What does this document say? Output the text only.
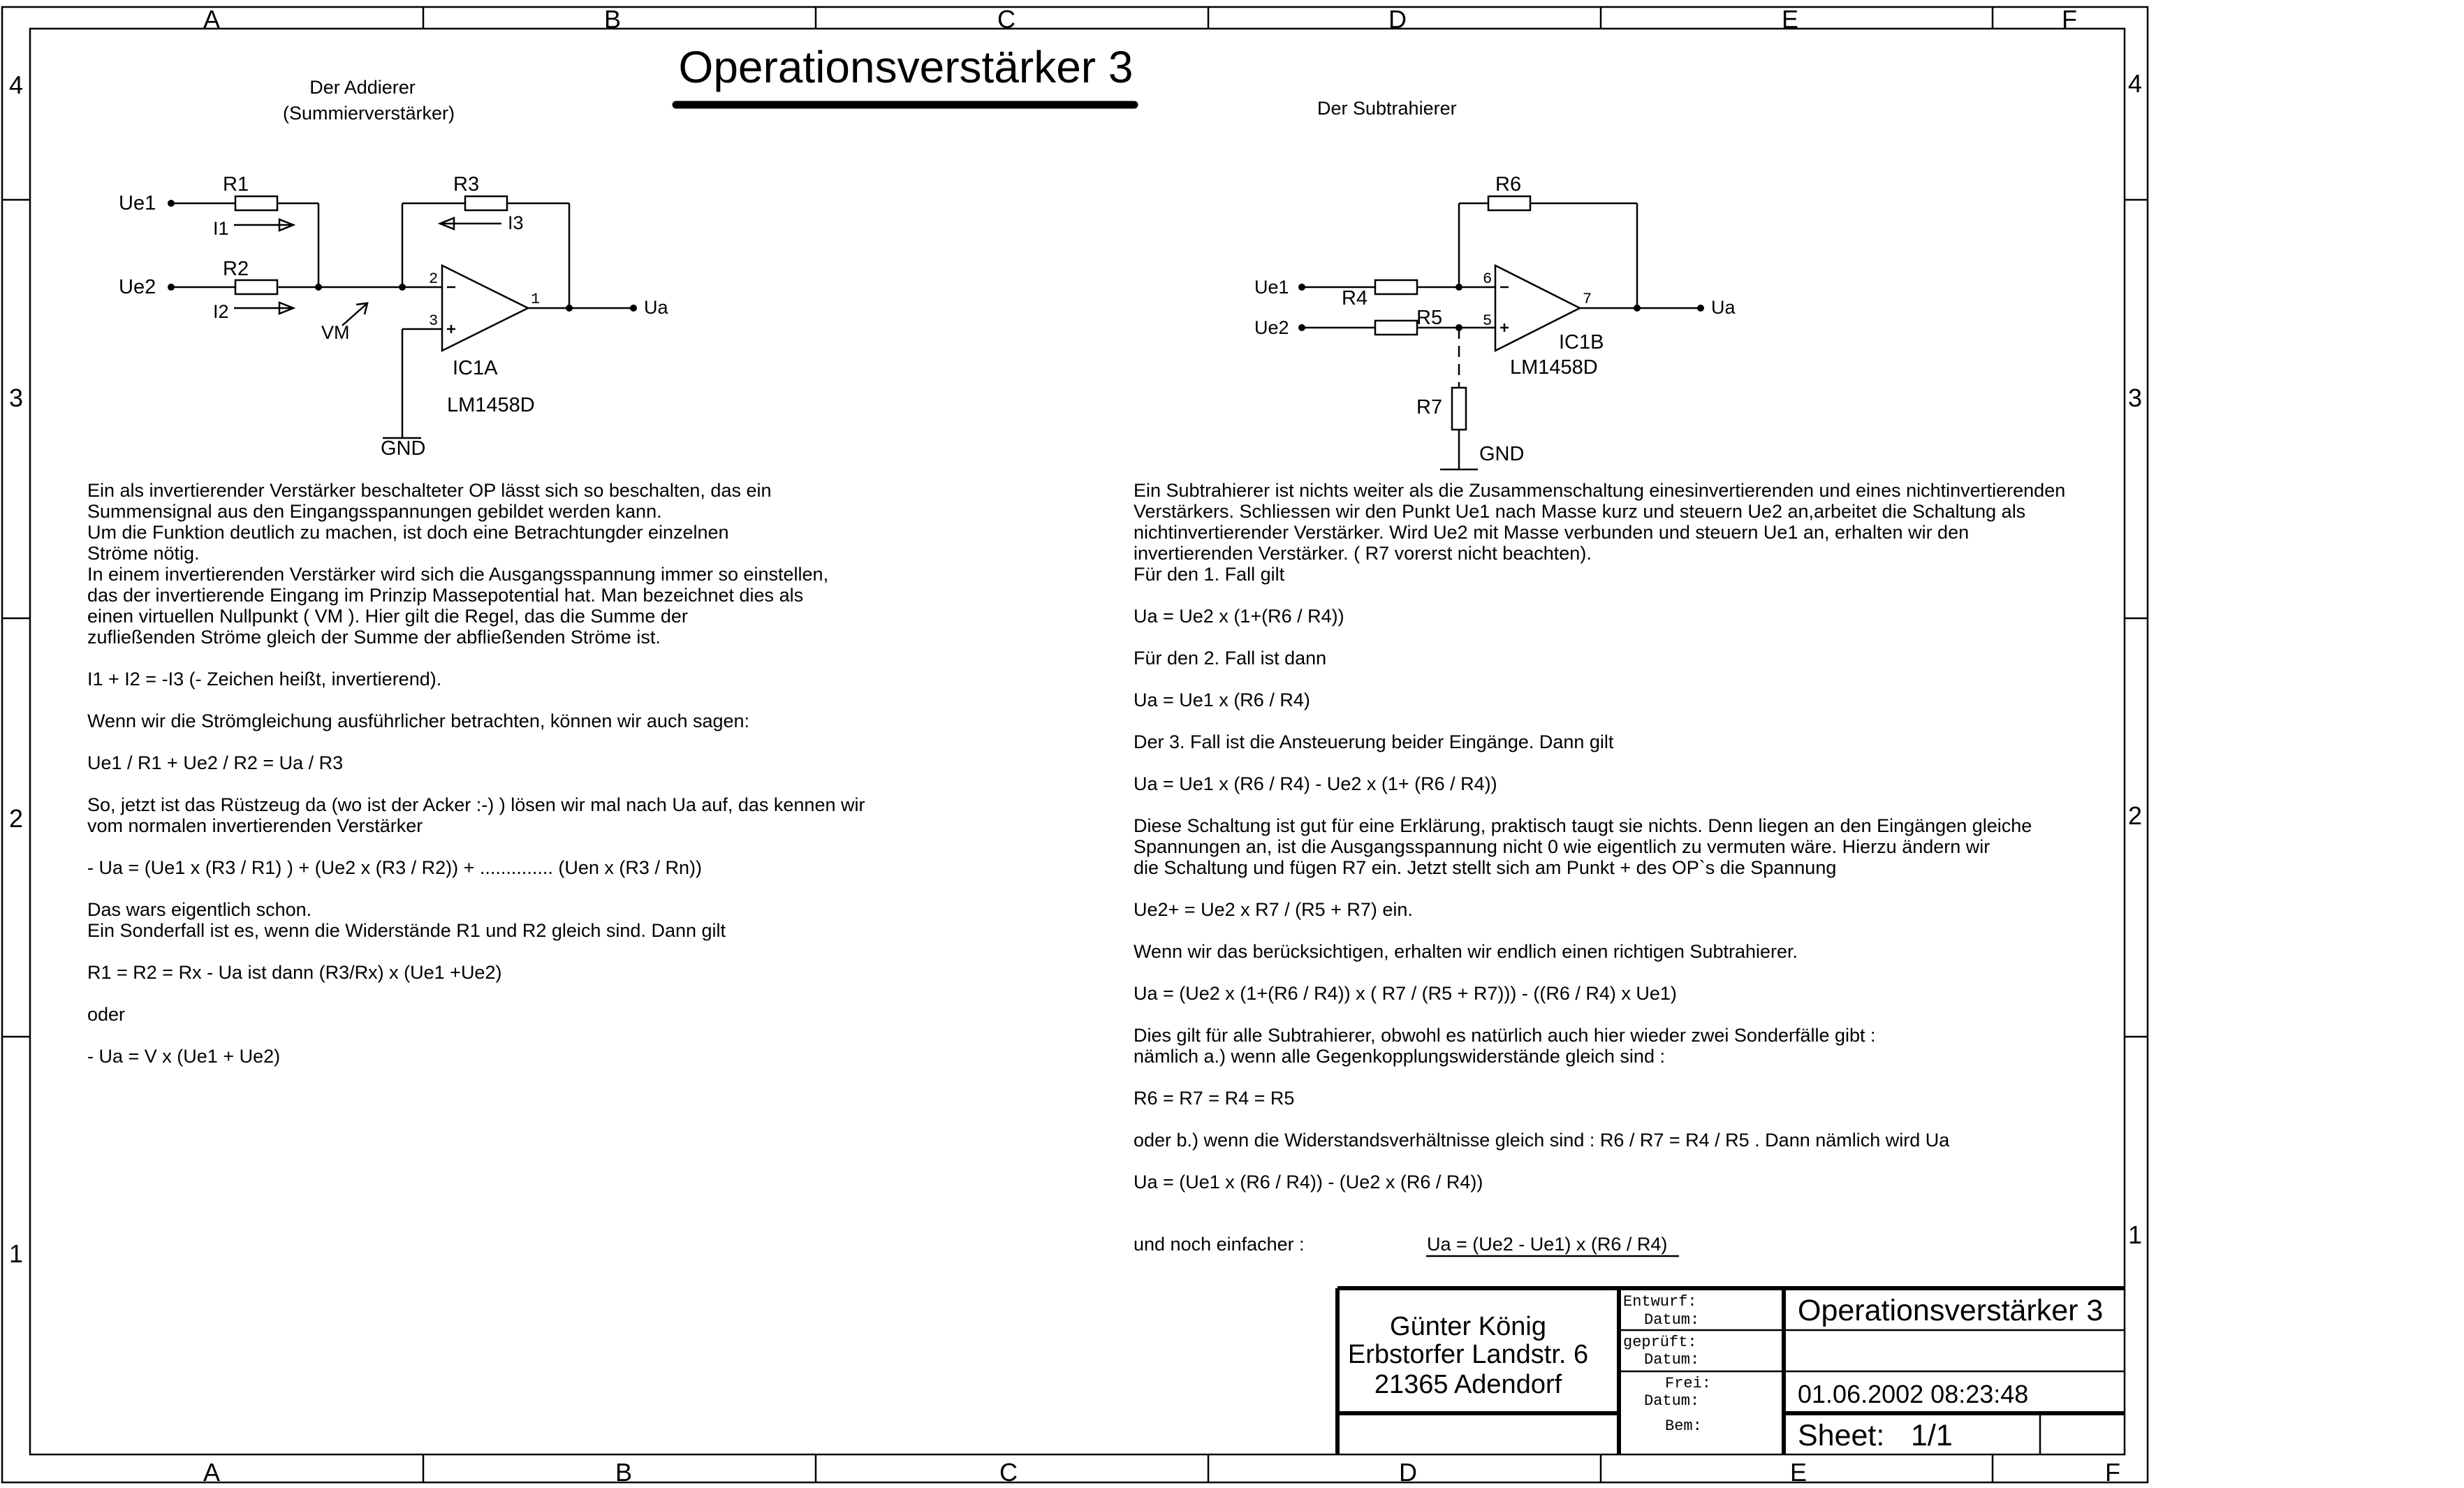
A	B	C	D	E	F
A	B	C	D	E	F
4
3
2
1
4
3
2
1
Operationsverstärker 3
Der Addierer
(Summierverstärker)
Ue1
Ue2
R1
R2
R3
I1
I2
I3
VM
2
3
1	Ua
IC1A
LM1458D
GND
Der Subtrahierer
Ue1
Ue2
R4
R5
R6
R7
6
5
7	Ua
IC1B
LM1458D
GND
Ein als invertierender Verstärker beschalteter OP lässt sich so beschalten, das ein
Summensignal aus den Eingangsspannungen gebildet werden kann.
Um die Funktion deutlich zu machen, ist doch eine Betrachtungder einzelnen
Ströme nötig.
In einem invertierenden Verstärker wird sich die Ausgangsspannung immer so einstellen,
das der invertierende Eingang im Prinzip Massepotential hat. Man bezeichnet dies als
einen virtuellen Nullpunkt ( VM ). Hier gilt die Regel, das die Summe der
zufließenden Ströme gleich der Summe der abfließenden Ströme ist.
I1 + I2 = -I3 (- Zeichen heißt, invertierend).
Wenn wir die Strömgleichung ausführlicher betrachten, können wir auch sagen:
Ue1 / R1 + Ue2 / R2 = Ua / R3
So, jetzt ist das Rüstzeug da (wo ist der Acker :-) ) lösen wir mal nach Ua auf, das kennen wir
vom normalen invertierenden Verstärker
- Ua = (Ue1 x (R3 / R1) ) + (Ue2 x (R3 / R2)) + .............. (Uen x (R3 / Rn))
Das wars eigentlich schon.
Ein Sonderfall ist es, wenn die Widerstände R1 und R2 gleich sind. Dann gilt
R1 = R2 = Rx - Ua ist dann (R3/Rx) x (Ue1 +Ue2)
oder
- Ua = V x (Ue1 + Ue2)
Ein Subtrahierer ist nichts weiter als die Zusammenschaltung einesinvertierenden und eines nichtinvertierenden
Verstärkers. Schliessen wir den Punkt Ue1 nach Masse kurz und steuern Ue2 an,arbeitet die Schaltung als
nichtinvertierender Verstärker. Wird Ue2 mit Masse verbunden und steuern Ue1 an, erhalten wir den
invertierenden Verstärker. ( R7 vorerst nicht beachten).
Für den 1. Fall gilt
Ua = Ue2 x (1+(R6 / R4))
Für den 2. Fall ist dann
Ua = Ue1 x (R6 / R4)
Der 3. Fall ist die Ansteuerung beider Eingänge. Dann gilt
Ua = Ue1 x (R6 / R4) - Ue2 x (1+ (R6 / R4))
Diese Schaltung ist gut für eine Erklärung, praktisch taugt sie nichts. Denn liegen an den Eingängen gleiche
Spannungen an, ist die Ausgangsspannung nicht 0 wie eigentlich zu vermuten wäre. Hierzu ändern wir
die Schaltung und fügen R7 ein. Jetzt stellt sich am Punkt + des OP`s die Spannung
Ue2+ = Ue2 x R7 / (R5 + R7) ein.
Wenn wir das berücksichtigen, erhalten wir endlich einen richtigen Subtrahierer.
Ua = (Ue2 x (1+(R6 / R4)) x ( R7 / (R5 + R7))) - ((R6 / R4) x Ue1)
Dies gilt für alle Subtrahierer, obwohl es natürlich auch hier wieder zwei Sonderfälle gibt :
nämlich a.) wenn alle Gegenkopplungswiderstände gleich sind :
R6 = R7 = R4 = R5
oder b.) wenn die Widerstandsverhältnisse gleich sind : R6 / R7 = R4 / R5 . Dann nämlich wird Ua
Ua = (Ue1 x (R6 / R4)) - (Ue2 x (R6 / R4))
und noch einfacher :	Ua = (Ue2 - Ue1) x (R6 / R4)
Günter König
Erbstorfer Landstr. 6
21365 Adendorf
Entwurf:
Datum:
geprüft:
Datum:
Frei:
Datum:
Bem:
Operationsverstärker 3
01.06.2002 08:23:48
Sheet: 1/1
